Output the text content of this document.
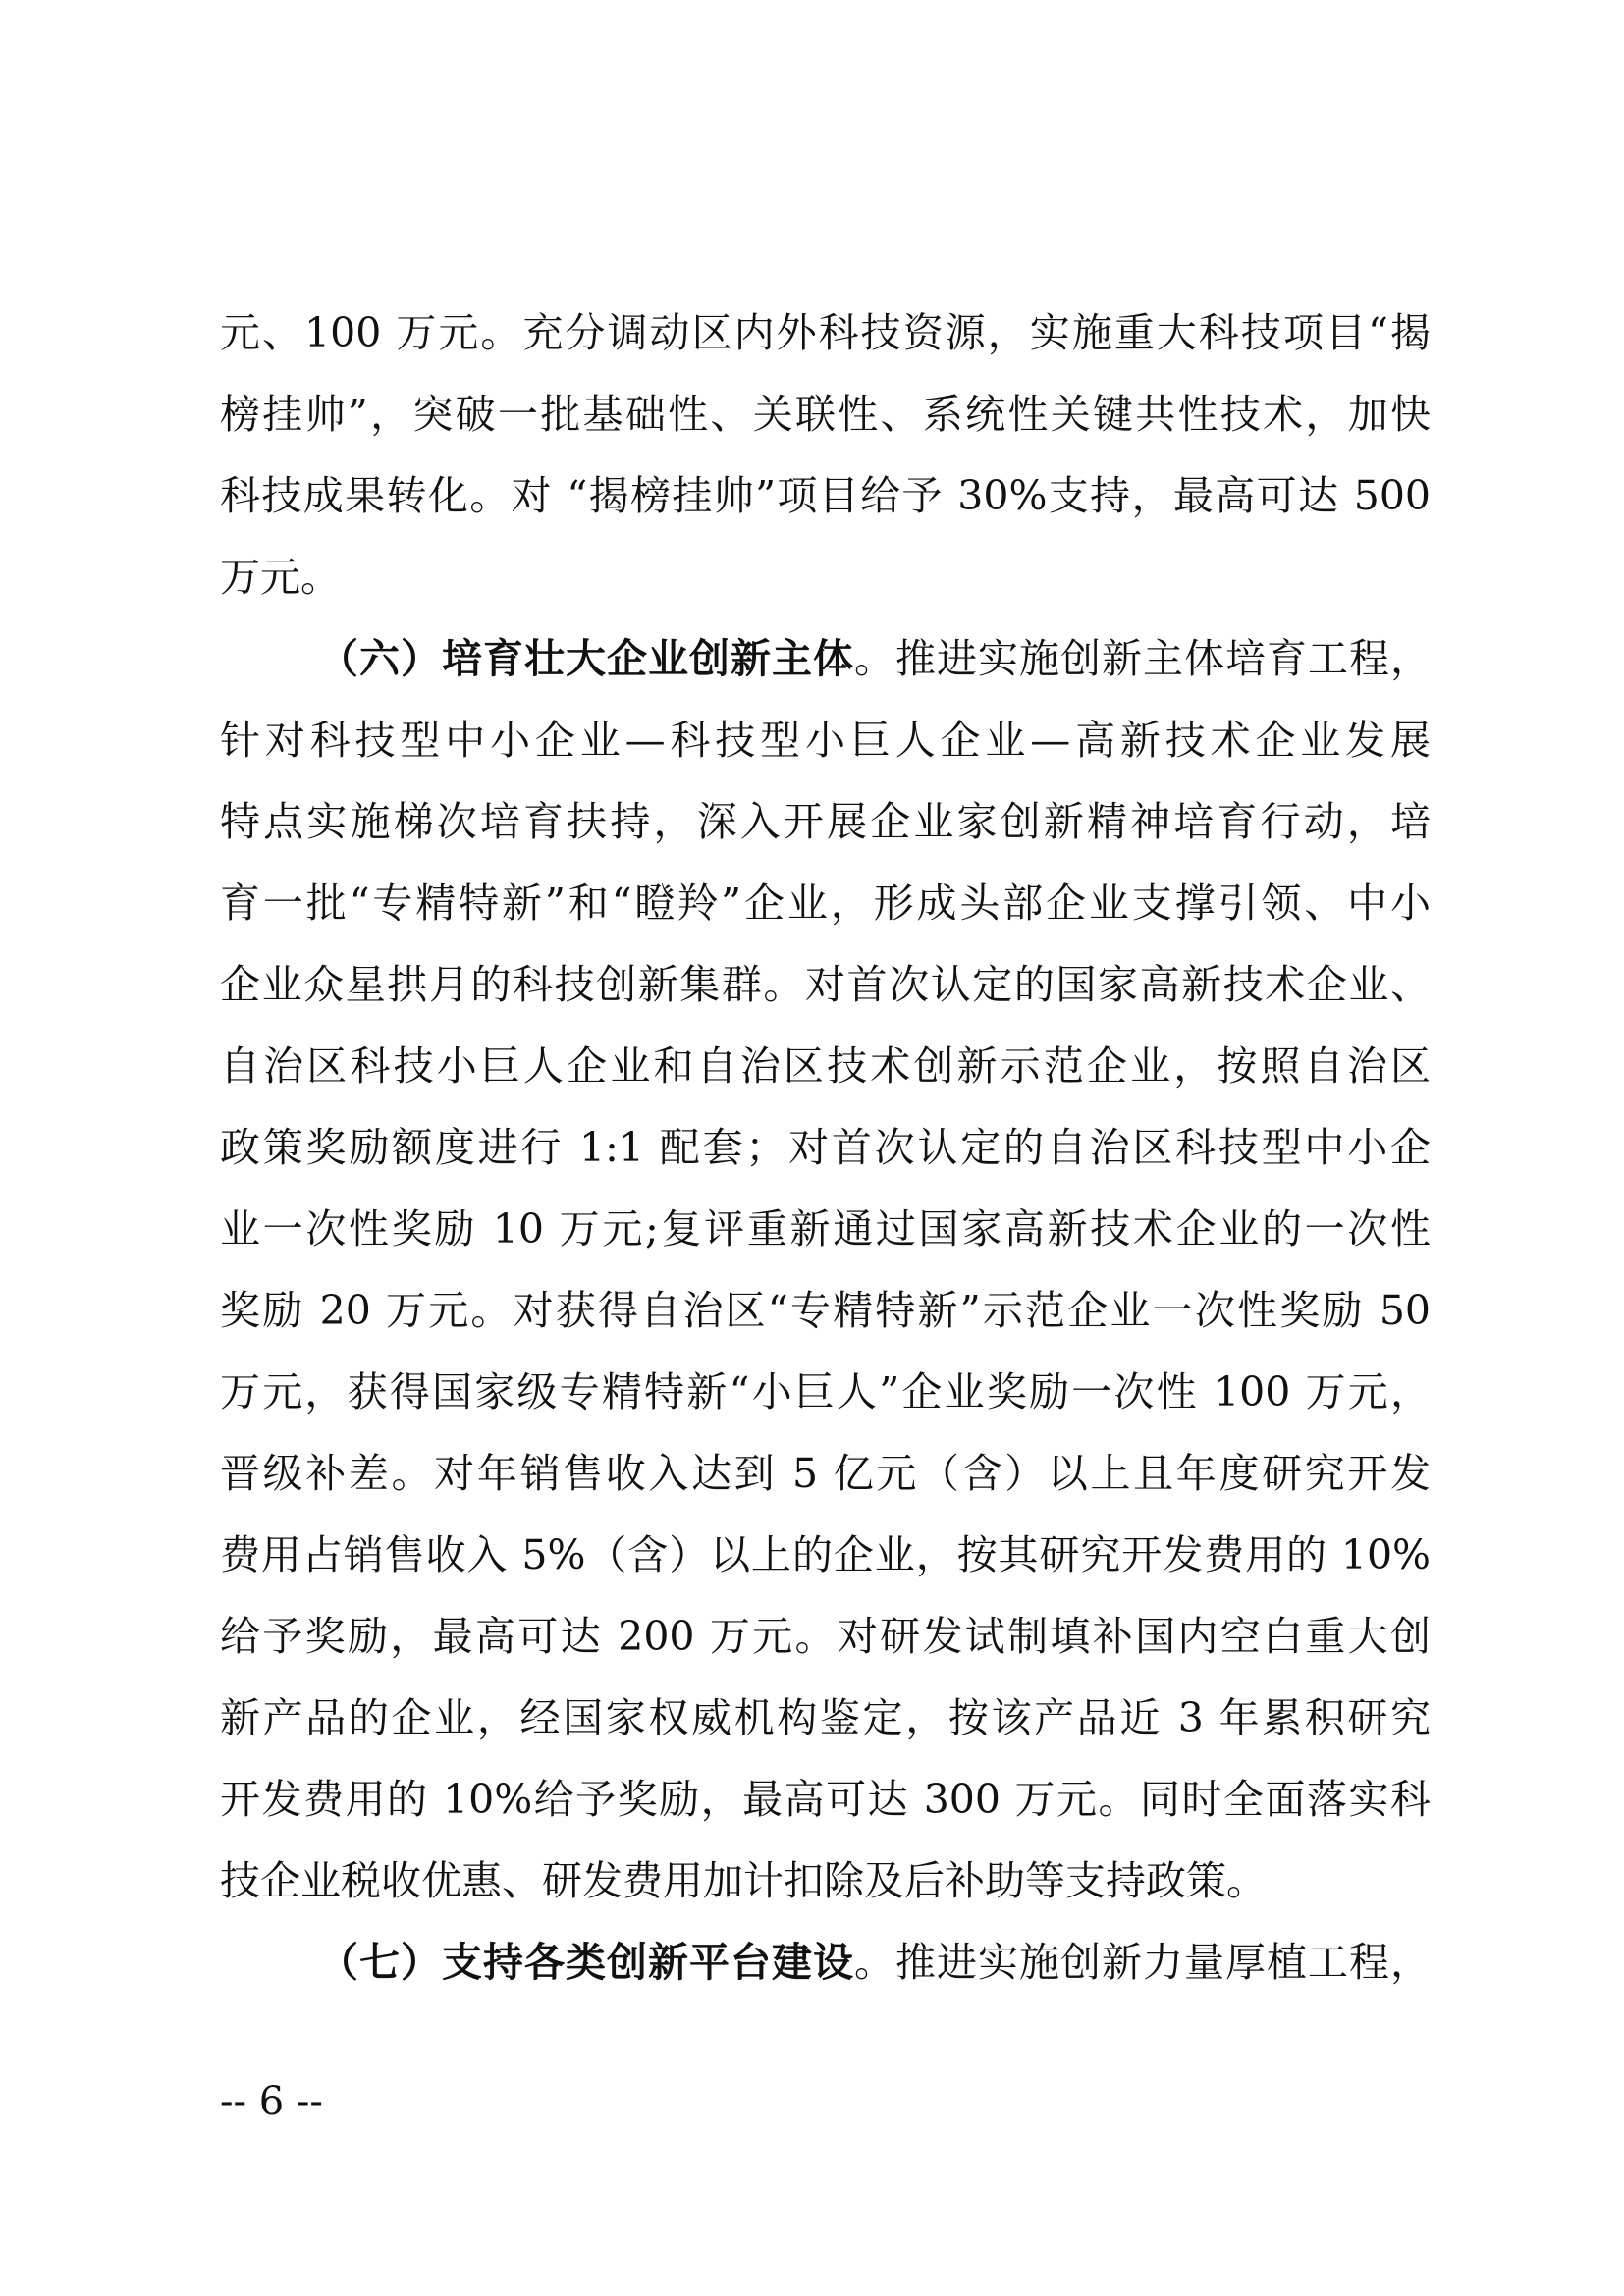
元、100 万元。充分调动区内外科技资源，实施重大科技项目“揭
榜挂帅”，突破一批基础性、关联性、系统性关键共性技术，加快
科技成果转化。对 “揭榜挂帅”项目给予 30%支持，最高可达 500
万元。
（六）培育壮大企业创新主体。推进实施创新主体培育工程，
针对科技型中小企业—科技型小巨人企业—高新技术企业发展
特点实施梯次培育扶持，深入开展企业家创新精神培育行动，培
育一批“专精特新”和“瞪羚”企业，形成头部企业支撑引领、中小
企业众星拱月的科技创新集群。对首次认定的国家高新技术企业、
自治区科技小巨人企业和自治区技术创新示范企业，按照自治区
政策奖励额度进行 1:1 配套；对首次认定的自治区科技型中小企
业一次性奖励 10 万元;复评重新通过国家高新技术企业的一次性
奖励 20 万元。对获得自治区“专精特新”示范企业一次性奖励 50
万元，获得国家级专精特新“小巨人”企业奖励一次性 100 万元，
晋级补差。对年销售收入达到 5 亿元（含）以上且年度研究开发
费用占销售收入 5%（含）以上的企业，按其研究开发费用的 10%
给予奖励，最高可达 200 万元。对研发试制填补国内空白重大创
新产品的企业，经国家权威机构鉴定，按该产品近 3 年累积研究
开发费用的 10%给予奖励，最高可达 300 万元。同时全面落实科
技企业税收优惠、研发费用加计扣除及后补助等支持政策。
（七）支持各类创新平台建设。推进实施创新力量厚植工程，
-- 6 --
